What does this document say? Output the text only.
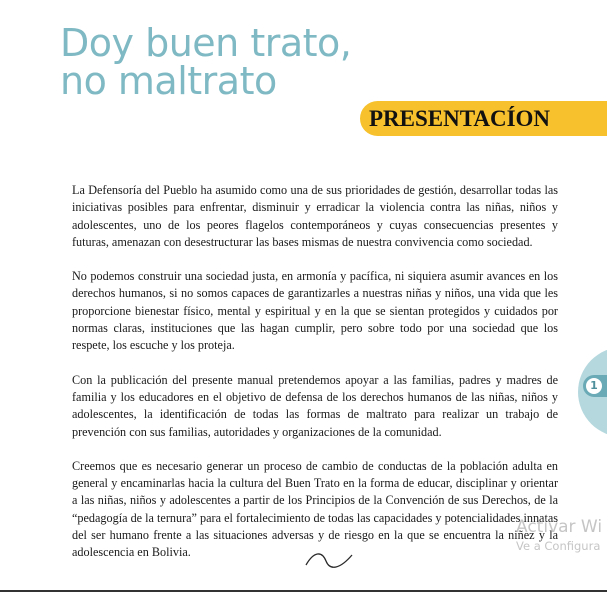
Doy buen trato,
no maltrato
PRESENTACÍON

La Defensoría del Pueblo ha asumido como una de sus prioridades de gestión, desarrollar todas las iniciativas posibles para enfrentar, disminuir y erradicar la violencia contra las niñas, niños y adolescentes, uno de los peores flagelos contemporáneos y cuyas consecuencias presentes y futuras, amenazan con desestructurar las bases mismas de nuestra convivencia como sociedad.

No podemos construir una sociedad justa, en armonía y pacífica, ni siquiera asumir avances en los derechos humanos, si no somos capaces de garantizarles a nuestras niñas y niños, una vida que les proporcione bienestar físico, mental y espiritual y en la que se sientan protegidos y cuidados por normas claras, instituciones que las hagan cumplir, pero sobre todo por una sociedad que los respete, los escuche y los proteja.

Con la publicación del presente manual pretendemos apoyar a las familias, padres y madres de familia y los educadores en el objetivo de defensa de los derechos humanos de las niñas, niños y adolescentes, la identificación de todas las formas de maltrato para realizar un trabajo de prevención con sus familias, autoridades y organizaciones de la comunidad.

Creemos que es necesario generar un proceso de cambio de conductas de la población adulta en general y encaminarlas hacia la cultura del Buen Trato en la forma de educar, disciplinar y orientar a las niñas, niños y adolescentes a partir de los Principios de la Convención de sus Derechos, de la “pedagogía de la ternura” para el fortalecimiento de todas las capacidades y potencialidades innatas del ser humano frente a las situaciones adversas y de riesgo en la que se encuentra la niñez y la adolescencia en Bolivia.

1
Activar Wi
Ve a Configura
